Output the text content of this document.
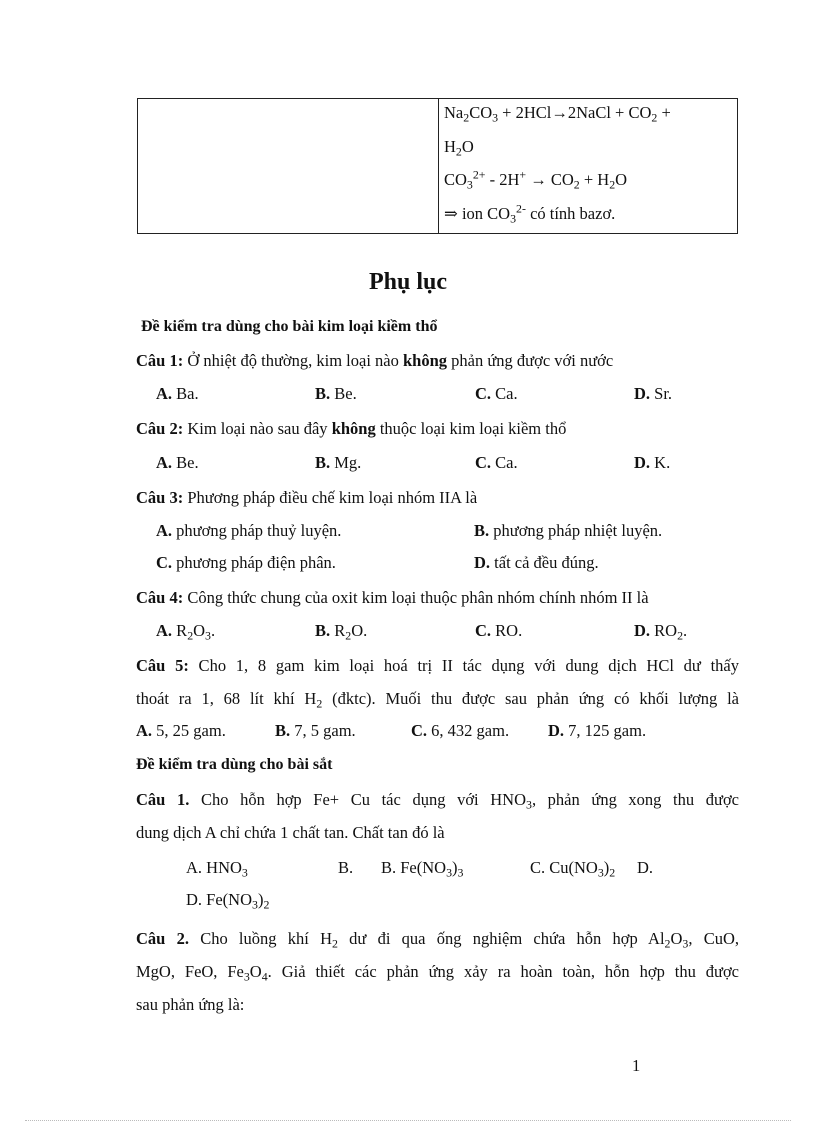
$Na_2CO_3$ + 2HCl→2NaCl + $CO_2$ +
$H_2O$
$CO_3^{2+} - 2H^+ \to CO_2 + H_2O$
⇒ ion $CO_3^{2-}$ có tính bazơ.
Phụ lục
Đề kiểm tra dùng cho bài kim loại kiềm thổ
Câu 1: Ở nhiệt độ thường, kim loại nào không phản ứng được với nước
A. Ba.	B. Be.	C. Ca.	D. Sr.
Câu 2: Kim loại nào sau đây không thuộc loại kim loại kiềm thổ
A. Be.	B. Mg.	C. Ca.	D. K.
Câu 3: Phương pháp điều chế kim loại nhóm IIA là
A. phương pháp thuỷ luyện.	B. phương pháp nhiệt luyện.
C. phương pháp điện phân.	D. tất cả đều đúng.
Câu 4: Công thức chung của oxit kim loại thuộc phân nhóm chính nhóm II là
A. $R_2O_3$.	B. $R_2O$.	C. RO.	D. $RO_2$.
Câu 5: Cho 1, 8 gam kim loại hoá trị II tác dụng với dung dịch HCl dư thấy
thoát ra 1, 68 lít khí $H_2$ (đktc). Muối thu được sau phản ứng có khối lượng là
A. 5, 25 gam.	B. 7, 5 gam.	C. 6, 432 gam. D. 7, 125 gam.
Đề kiểm tra dùng cho bài sắt
Câu 1. Cho hỗn hợp Fe+ Cu tác dụng với $HNO_3$, phản ứng xong thu được
dung dịch A chỉ chứa 1 chất tan. Chất tan đó là
A. $HNO_3$	B. B. $Fe(NO_3)_3$	C. $Cu(NO_3)_2$ D.
D. $Fe(NO_3)_2$
Câu 2. Cho luồng khí $H_2$ dư đi qua ống nghiệm chứa hỗn hợp $Al_2O_3$, CuO,
MgO, FeO, $Fe_3O_4$. Giả thiết các phản ứng xảy ra hoàn toàn, hỗn hợp thu được
sau phản ứng là:
1
